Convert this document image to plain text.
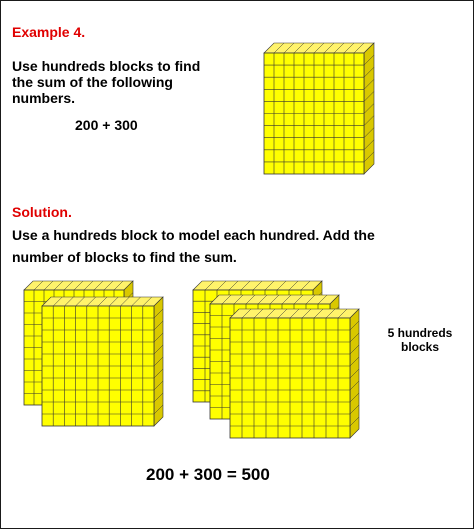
Example 4.
Use hundreds blocks to find
the sum of the following
numbers.
200 + 300
Solution.
Use a hundreds block to model each hundred. Add the
number of blocks to find the sum.
5 hundreds
blocks
200 + 300 = 500
